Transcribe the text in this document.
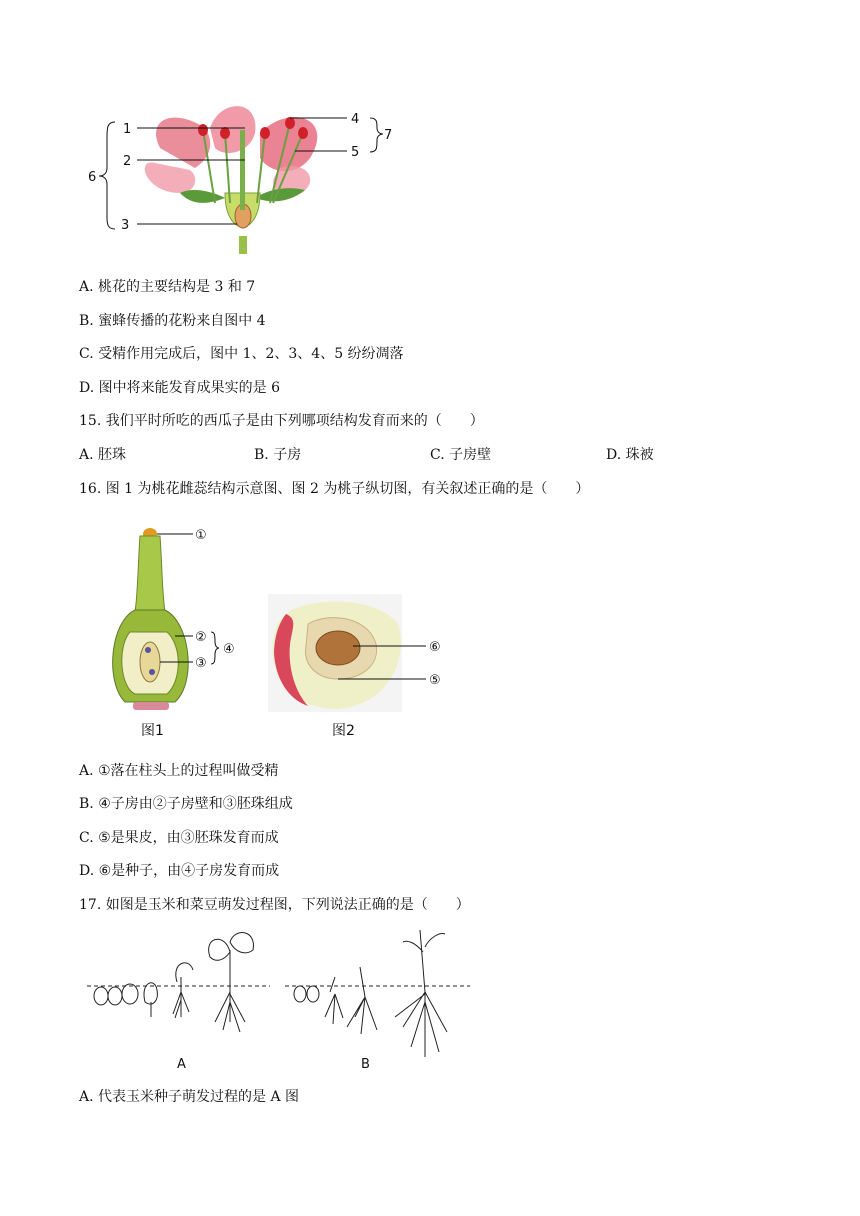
1
2
3
4
5
6
7
A. 桃花的主要结构是 3 和 7
B. 蜜蜂传播的花粉来自图中 4
C. 受精作用完成后，图中 1、2、3、4、5 纷纷凋落
D. 图中将来能发育成果实的是 6
15. 我们平时所吃的西瓜子是由下列哪项结构发育而来的（　　）
A. 胚珠	B. 子房	C. 子房壁	D. 珠被
16. 图 1 为桃花雌蕊结构示意图、图 2 为桃子纵切图，有关叙述正确的是（　　）
①
②
③
④
图1
⑥
⑤
图2
A. ①落在柱头上的过程叫做受精
B. ④子房由②子房壁和③胚珠组成
C. ⑤是果皮，由③胚珠发育而成
D. ⑥是种子，由④子房发育而成
17. 如图是玉米和菜豆萌发过程图，下列说法正确的是（　　）
A	B
A. 代表玉米种子萌发过程的是 A 图
